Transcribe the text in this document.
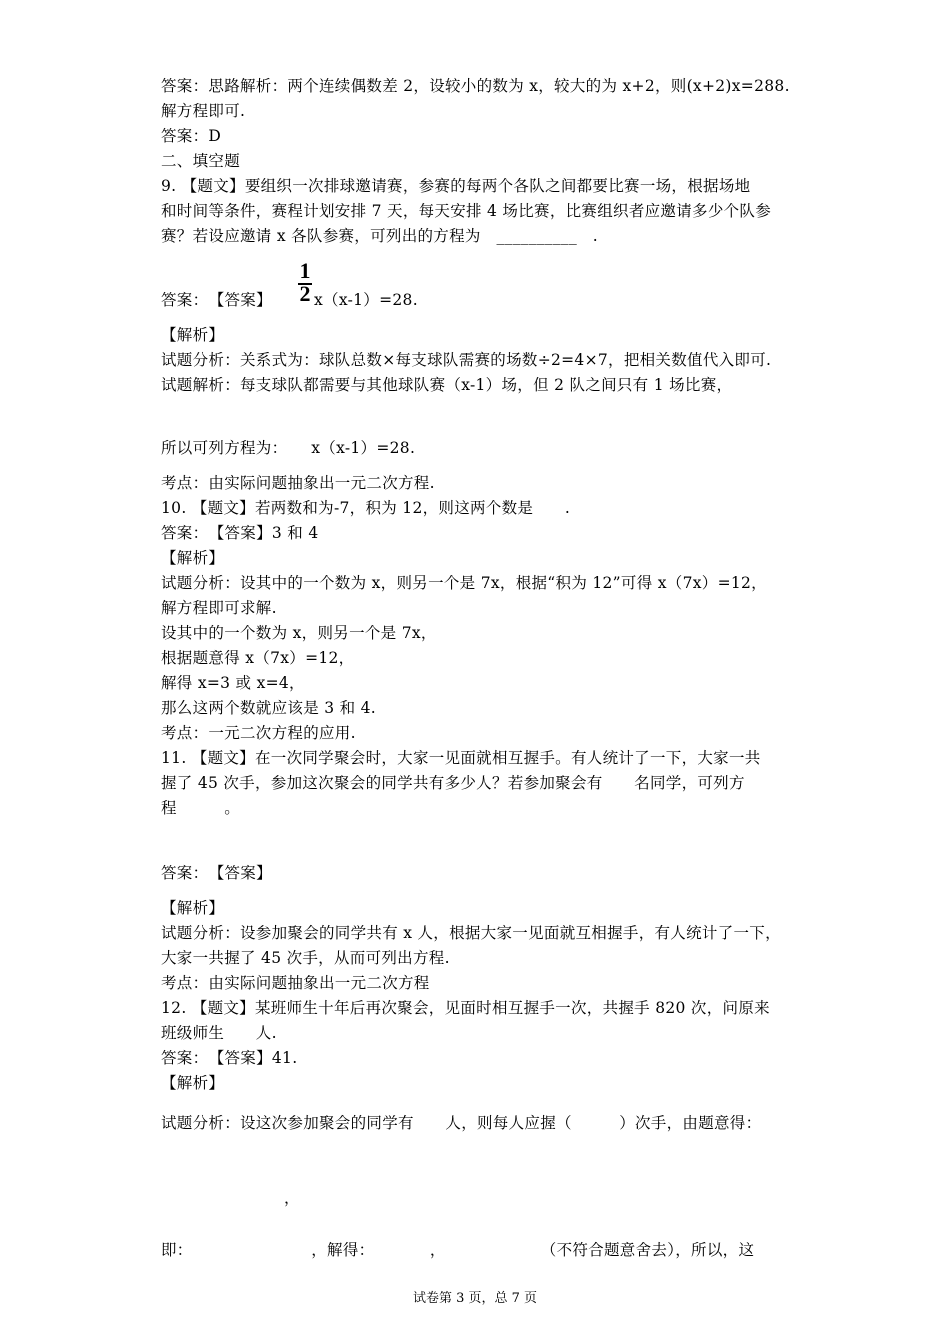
答案：思路解析：两个连续偶数差 2，设较小的数为 x，较大的为 x+2，则(x+2)x=288.

解方程即可.

答案：D

二、填空题

9. 【题文】要组织一次排球邀请赛，参赛的每两个各队之间都要比赛一场，根据场地

和时间等条件，赛程计划安排 7 天，每天安排 4 场比赛，比赛组织者应邀请多少个队参

赛？若设应邀请 x 各队参赛，可列出的方程为　__________　.

答案：　【答案】

1
2 x（x-1）=28.

【解析】

试题分析：关系式为：球队总数×每支球队需赛的场数÷2=4×7，把相关数值代入即可.

试题解析：每支球队都需要与其他球队赛（x-1）场，但 2 队之间只有 1 场比赛，

所以可列方程为：　　x（x-1）=28.

考点：由实际问题抽象出一元二次方程.

10. 【题文】若两数和为-7，积为 12，则这两个数是　　.

答案：　【答案】3 和 4

【解析】

试题分析：设其中的一个数为 x，则另一个是 7x，根据“积为 12”可得 x（7x）=12，

解方程即可求解.

设其中的一个数为 x，则另一个是 7x，

根据题意得 x（7x）=12，

解得 x=3 或 x=4，

那么这两个数就应该是 3 和 4.

考点：一元二次方程的应用.

11. 【题文】在一次同学聚会时，大家一见面就相互握手。有人统计了一下，大家一共

握了 45 次手，参加这次聚会的同学共有多少人？若参加聚会有　　名同学，可列方

程　　　。

答案：　【答案】

【解析】

试题分析：设参加聚会的同学共有 x 人，根据大家一见面就互相握手，有人统计了一下，

大家一共握了 45 次手，从而可列出方程.

考点：由实际问题抽象出一元二次方程

12. 【题文】某班师生十年后再次聚会，见面时相互握手一次，共握手 820 次，问原来

班级师生　　人.

答案：　【答案】41.

【解析】

试题分析：设这次参加聚会的同学有　　人，则每人应握（　　　）次手，由题意得：

，

即：　　　　　　　　，解得：　　　　，　　　　　　　（不符合题意舍去），所以，这

试卷第 3 页，总 7 页
